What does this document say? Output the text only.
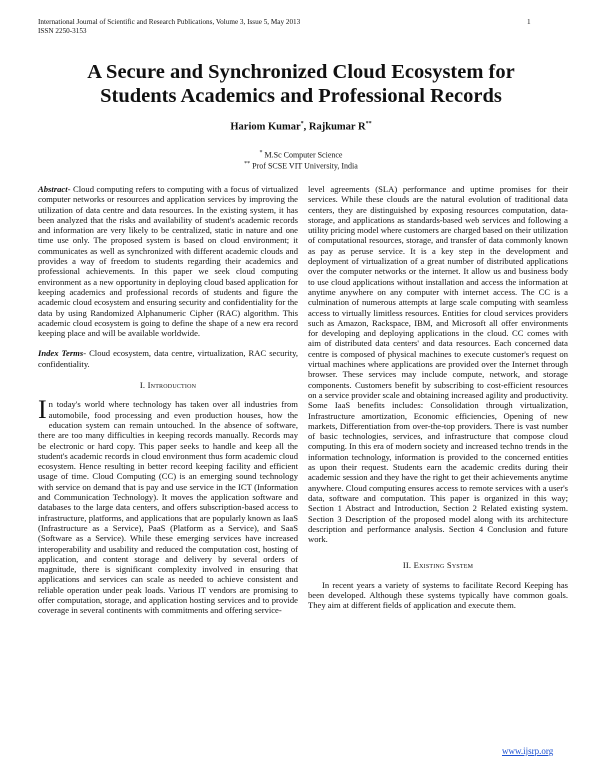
International Journal of Scientific and Research Publications, Volume 3, Issue 5, May 2013
ISSN 2250-3153
1
A Secure and Synchronized Cloud Ecosystem for
Students Academics and Professional Records
Hariom Kumar*, Rajkumar R**
* M.Sc Computer Science
** Prof SCSE VIT University, India

Abstract- Cloud computing refers to computing with a focus of virtualized computer networks or resources and application services by improving the utilization of data centre and data resources. In the existing system, it has been analyzed that the risks and availability of student's academic records and information are very likely to be centralized, static in nature and one time use only. The proposed system is based on cloud environment; it communicates as well as synchronized with different academic clouds and provides a way of freedom to students regarding their academics and professional achievements. In this paper we seek cloud computing environment as a new opportunity in deploying cloud based application for keeping academics and professional records of students and figure the academic cloud ecosystem and ensuring security and confidentiality for the data by using Randomized Alphanumeric Cipher (RAC) algorithm. This academic cloud ecosystem is going to define the shape of a new era record keeping place and will be available worldwide.

Index Terms- Cloud ecosystem, data centre, virtualization, RAC security, confidentiality.

I. Introduction

In today's world where technology has taken over all industries from automobile, food processing and even production houses, how the education system can remain untouched. In the absence of software, there are too many difficulties in keeping records manually. Records may be electronic or hard copy. This paper seeks to handle and keep all the student's academic records in cloud environment thus form academic cloud ecosystem. Hence resulting in better record keeping facility and efficient usage of time. Cloud Computing (CC) is an emerging sound technology with service on demand that is pay and use service in the ICT (Information and Communication Technology). It moves the application software and databases to the large data centers, and offers subscription-based access to infrastructure, platforms, and applications that are popularly known as IaaS (Infrastructure as a Service), PaaS (Platform as a Service), and SaaS (Software as a Service). While these emerging services have increased interoperability and usability and reduced the computation cost, hosting of application, and content storage and delivery by several orders of magnitude, there is significant complexity involved in ensuring that applications and services can scale as needed to achieve consistent and reliable operation under peak loads. Various IT vendors are promising to offer computation, storage, and application hosting services and to provide coverage in several continents with commitments and offering service-

level agreements (SLA) performance and uptime promises for their services. While these clouds are the natural evolution of traditional data centers, they are distinguished by exposing resources computation, data-storage, and applications as standards-based web services and following a utility pricing model where customers are charged based on their utilization of computational resources, storage, and transfer of data commonly known as pay as peruse service. It is a key step in the development and deployment of virtualization of a great number of distributed applications over the computer networks or the internet. It allow us and business body to use cloud applications without installation and access the information at anytime anywhere on any computer with internet access. The CC is a culmination of numerous attempts at large scale computing with seamless access to virtually limitless resources. Entities for cloud services providers such as Amazon, Rackspace, IBM, and Microsoft all offer environments for developing and deploying applications in the cloud. CC comes with aim of distributed data centers' and data resources. Each concerned data centre is composed of physical machines to execute customer's request on virtual machines where applications are provided over the Internet through browser. These services may include compute, network, and storage components. Customers benefit by subscribing to cost-efficient resources on a service provider scale and obtaining increased agility and productivity. Some IaaS benefits includes: Consolidation through virtualization, Infrastructure amortization, Economic efficiencies, Opening of new markets, Differentiation from over-the-top providers. There is vast number of basic technologies, services, and infrastructure that compose cloud computing. In this era of modern society and increased techno trends in the information technology, information is provided to the concerned entities as upon their request. Students earn the academic credits during their academic session and they have the right to get their achievements anytime anywhere. Cloud computing ensures access to remote services with a user's data, software and computation. This paper is organized in this way; Section 1 Abstract and Introduction, Section 2 Related existing system. Section 3 Description of the proposed model along with its architecture description and performance analysis. Section 4 Conclusion and future work.

II. Existing System

In recent years a variety of systems to facilitate Record Keeping has been developed. Although these systems typically have common goals. They aim at different fields of application and execute them.

www.ijsrp.org
